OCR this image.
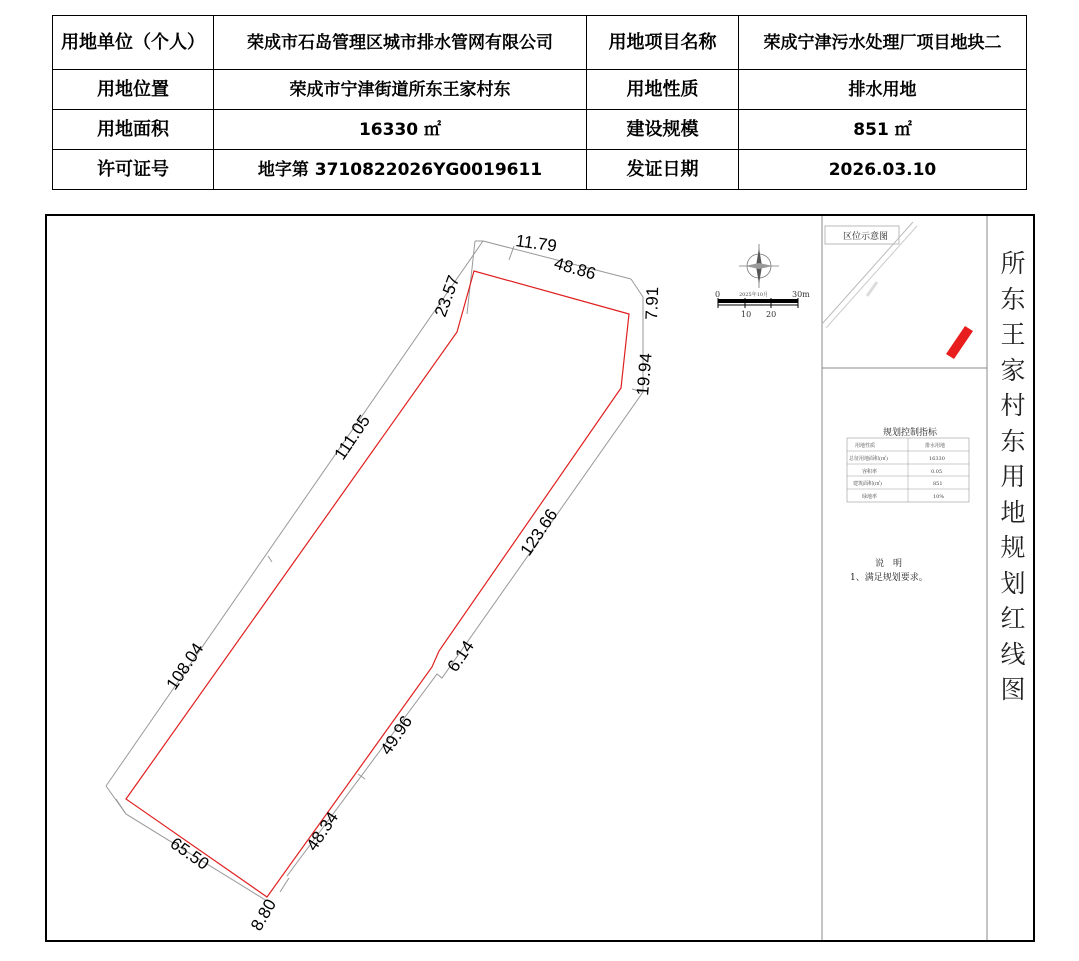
用地单位（个人）	荣成市石岛管理区城市排水管网有限公司	用地项目名称	荣成宁津污水处理厂项目地块二
用地位置	荣成市宁津街道所东王家村东	用地性质	排水用地
用地面积	16330 ㎡	建设规模	851 ㎡
许可证号	地字第 3710822026YG0019611	发证日期	2026.03.10
11.79
48.86
23.57	7.91
19.94
111.05
123.66
108.04	6.14
49.96
48.34
65.50
8.80
0
10 20
30m
2025年10月
区位示意图
规划控制指标
用地性质	排水用地
总征用地面积(㎡)	16330
容积率	0.05
建筑面积(㎡)	851
绿地率	10%
说　明
1、满足规划要求。
所
东
王
家
村
东
用
地
规
划
红
线
图
